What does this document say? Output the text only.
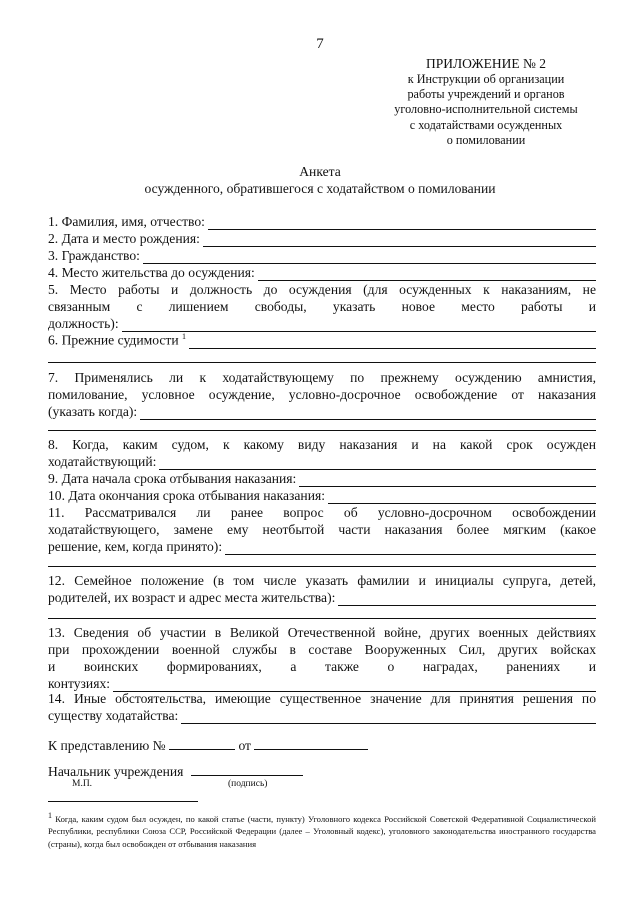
7
ПРИЛОЖЕНИЕ № 2
к Инструкции об организации
работы учреждений и органов
уголовно-исполнительной системы
с ходатайствами осужденных
о помиловании
Анкета
осужденного, обратившегося с ходатайством о помиловании
1. Фамилия, имя, отчество:
2. Дата и место рождения:
3. Гражданство:
4. Место жительства до осуждения:
5. Место работы и должность до осуждения (для осужденных к наказаниям, не
связанным с лишением свободы, указать новое место работы и
должность):
6. Прежние судимости $^1$
7. Применялись ли к ходатайствующему по прежнему осуждению амнистия,
помилование, условное осуждение, условно-досрочное освобождение от наказания
(указать когда):
8. Когда, каким судом, к какому виду наказания и на какой срок осужден
ходатайствующий:
9. Дата начала срока отбывания наказания:
10. Дата окончания срока отбывания наказания:
11. Рассматривался ли ранее вопрос об условно-досрочном освобождении
ходатайствующего, замене ему неотбытой части наказания более мягким (какое
решение, кем, когда принято):
12. Семейное положение (в том числе указать фамилии и инициалы супруга, детей,
родителей, их возраст и адрес места жительства):
13. Сведения об участии в Великой Отечественной войне, других военных действиях
при прохождении военной службы в составе Вооруженных Сил, других войсках
и воинских формированиях, а также о наградах, ранениях и
контузиях:
14. Иные обстоятельства, имеющие существенное значение для принятия решения по
существу ходатайства:
К представлению №	от
Начальник учреждения
М.П.	(подпись)
$^1$ Когда, каким судом был осужден, по какой статье (части, пункту) Уголовного кодекса Российской Советской Федеративной Социалистической Республики, республики Союза ССР, Российской Федерации (далее – Уголовный кодекс), уголовного законодательства иностранного государства (страны), когда был освобожден от отбывания наказания
